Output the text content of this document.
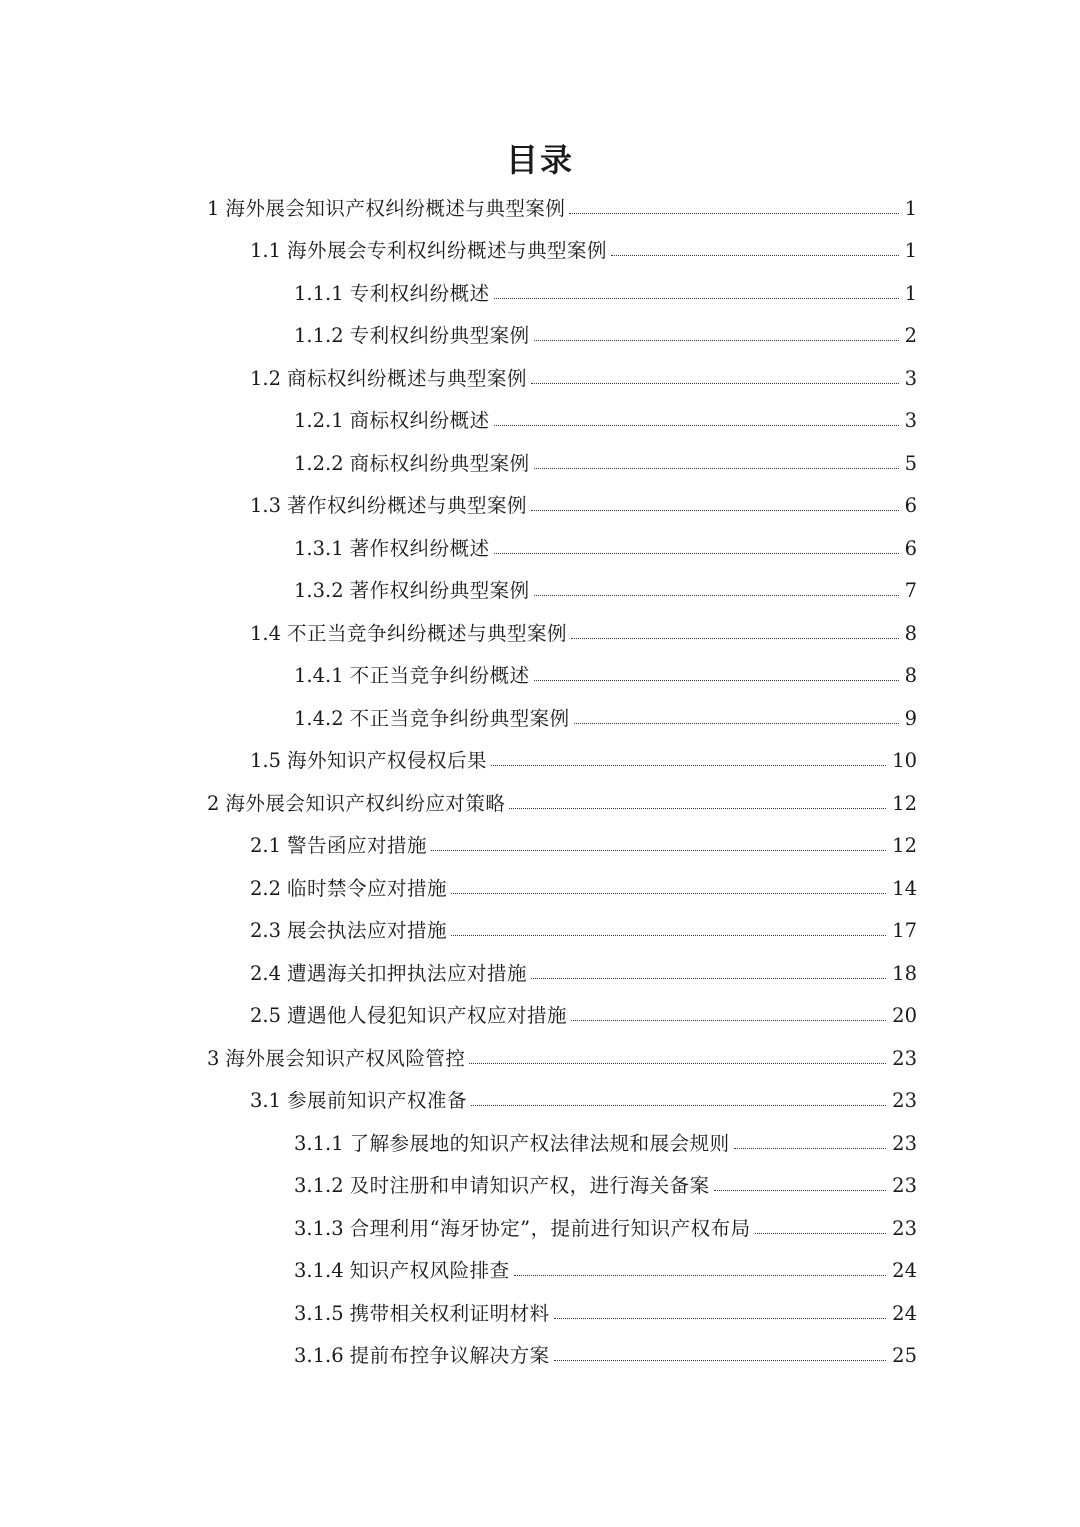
目录
1 海外展会知识产权纠纷概述与典型案例	1
1.1 海外展会专利权纠纷概述与典型案例	1
1.1.1 专利权纠纷概述	1
1.1.2 专利权纠纷典型案例	2
1.2 商标权纠纷概述与典型案例	3
1.2.1 商标权纠纷概述	3
1.2.2 商标权纠纷典型案例	5
1.3 著作权纠纷概述与典型案例	6
1.3.1 著作权纠纷概述	6
1.3.2 著作权纠纷典型案例	7
1.4 不正当竞争纠纷概述与典型案例	8
1.4.1 不正当竞争纠纷概述	8
1.4.2 不正当竞争纠纷典型案例	9
1.5 海外知识产权侵权后果	10
2 海外展会知识产权纠纷应对策略	12
2.1 警告函应对措施	12
2.2 临时禁令应对措施	14
2.3 展会执法应对措施	17
2.4 遭遇海关扣押执法应对措施	18
2.5 遭遇他人侵犯知识产权应对措施	20
3 海外展会知识产权风险管控	23
3.1 参展前知识产权准备	23
3.1.1 了解参展地的知识产权法律法规和展会规则	23
3.1.2 及时注册和申请知识产权，进行海关备案	23
3.1.3 合理利用“海牙协定”，提前进行知识产权布局	23
3.1.4 知识产权风险排查	24
3.1.5 携带相关权利证明材料	24
3.1.6 提前布控争议解决方案	25
